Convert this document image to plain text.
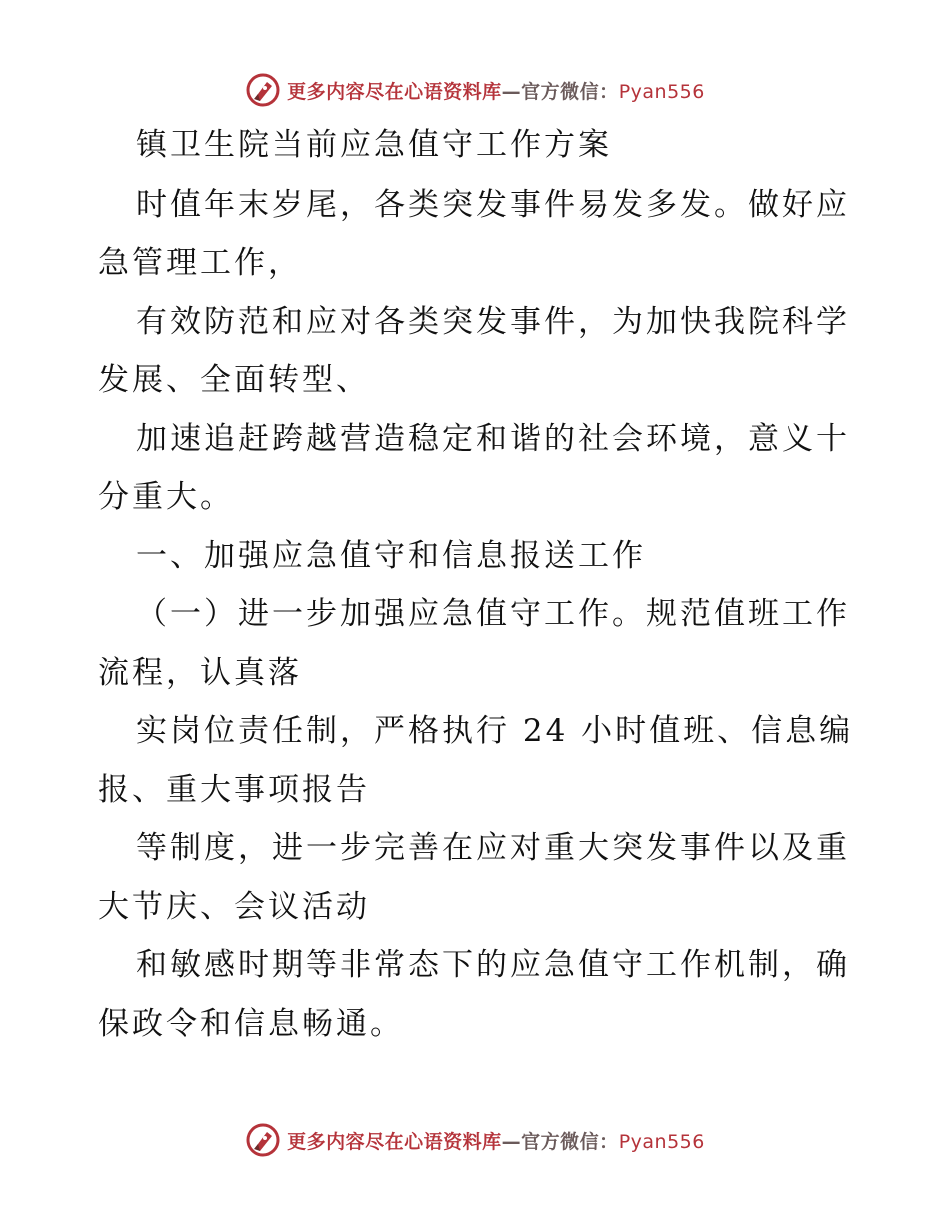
更多内容尽在心语资料库—官方微信：Pyan556
镇卫生院当前应急值守工作方案
时值年末岁尾，各类突发事件易发多发。做好应
急管理工作，
有效防范和应对各类突发事件，为加快我院科学
发展、全面转型、
加速追赶跨越营造稳定和谐的社会环境，意义十
分重大。
一、加强应急值守和信息报送工作
（一）进一步加强应急值守工作。规范值班工作
流程，认真落
实岗位责任制，严格执行 24 小时值班、信息编
报、重大事项报告
等制度，进一步完善在应对重大突发事件以及重
大节庆、会议活动
和敏感时期等非常态下的应急值守工作机制，确
保政令和信息畅通。
更多内容尽在心语资料库—官方微信：Pyan556
